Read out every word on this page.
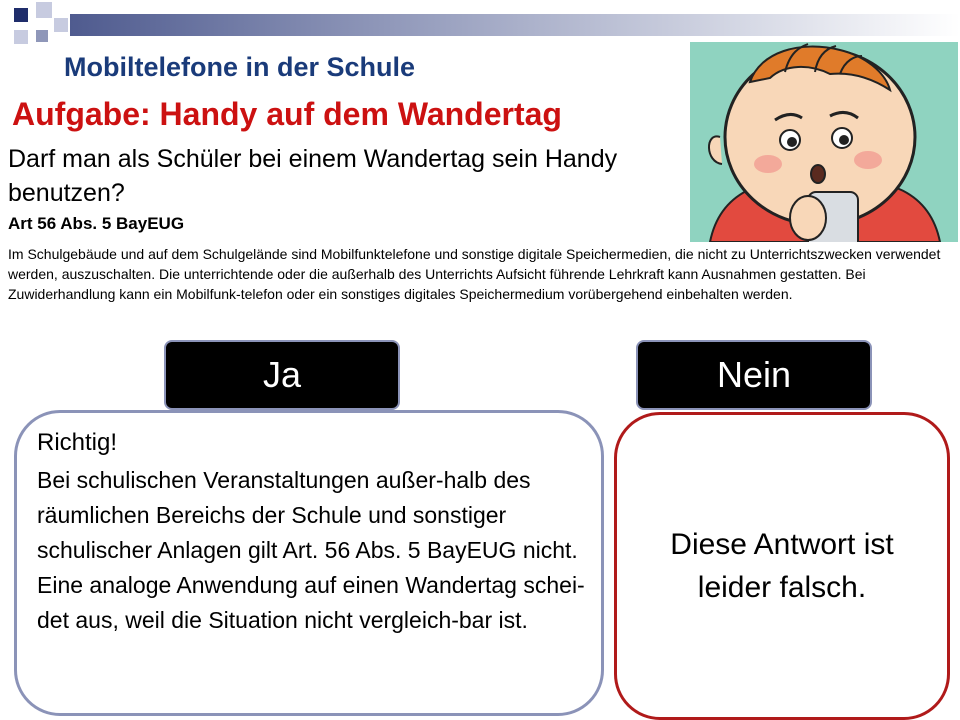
Mobiltelefone in der Schule
Aufgabe: Handy auf dem Wandertag
Darf man als Schüler bei einem Wandertag sein Handy benutzen?
Art 56 Abs. 5 BayEUG
Im Schulgebäude und auf dem Schulgelände sind Mobilfunktelefone und sonstige digitale Speichermedien, die nicht zu Unterrichtszwecken verwendet werden, auszuschalten. Die unterrichtende oder die außerhalb des Unterrichts Aufsicht führende Lehrkraft kann Ausnahmen gestatten. Bei Zuwiderhandlung kann ein Mobilfunk-telefon oder ein sonstiges digitales Speichermedium vorübergehend einbehalten werden.
Ja	Nein
Richtig!
Bei schulischen Veranstaltungen außer-halb des räumlichen Bereichs der Schule und sonstiger schulischer Anlagen gilt Art. 56 Abs. 5 BayEUG nicht. Eine analoge Anwendung auf einen Wandertag schei-det aus, weil die Situation nicht vergleich-bar ist.
Diese Antwort ist leider falsch.
